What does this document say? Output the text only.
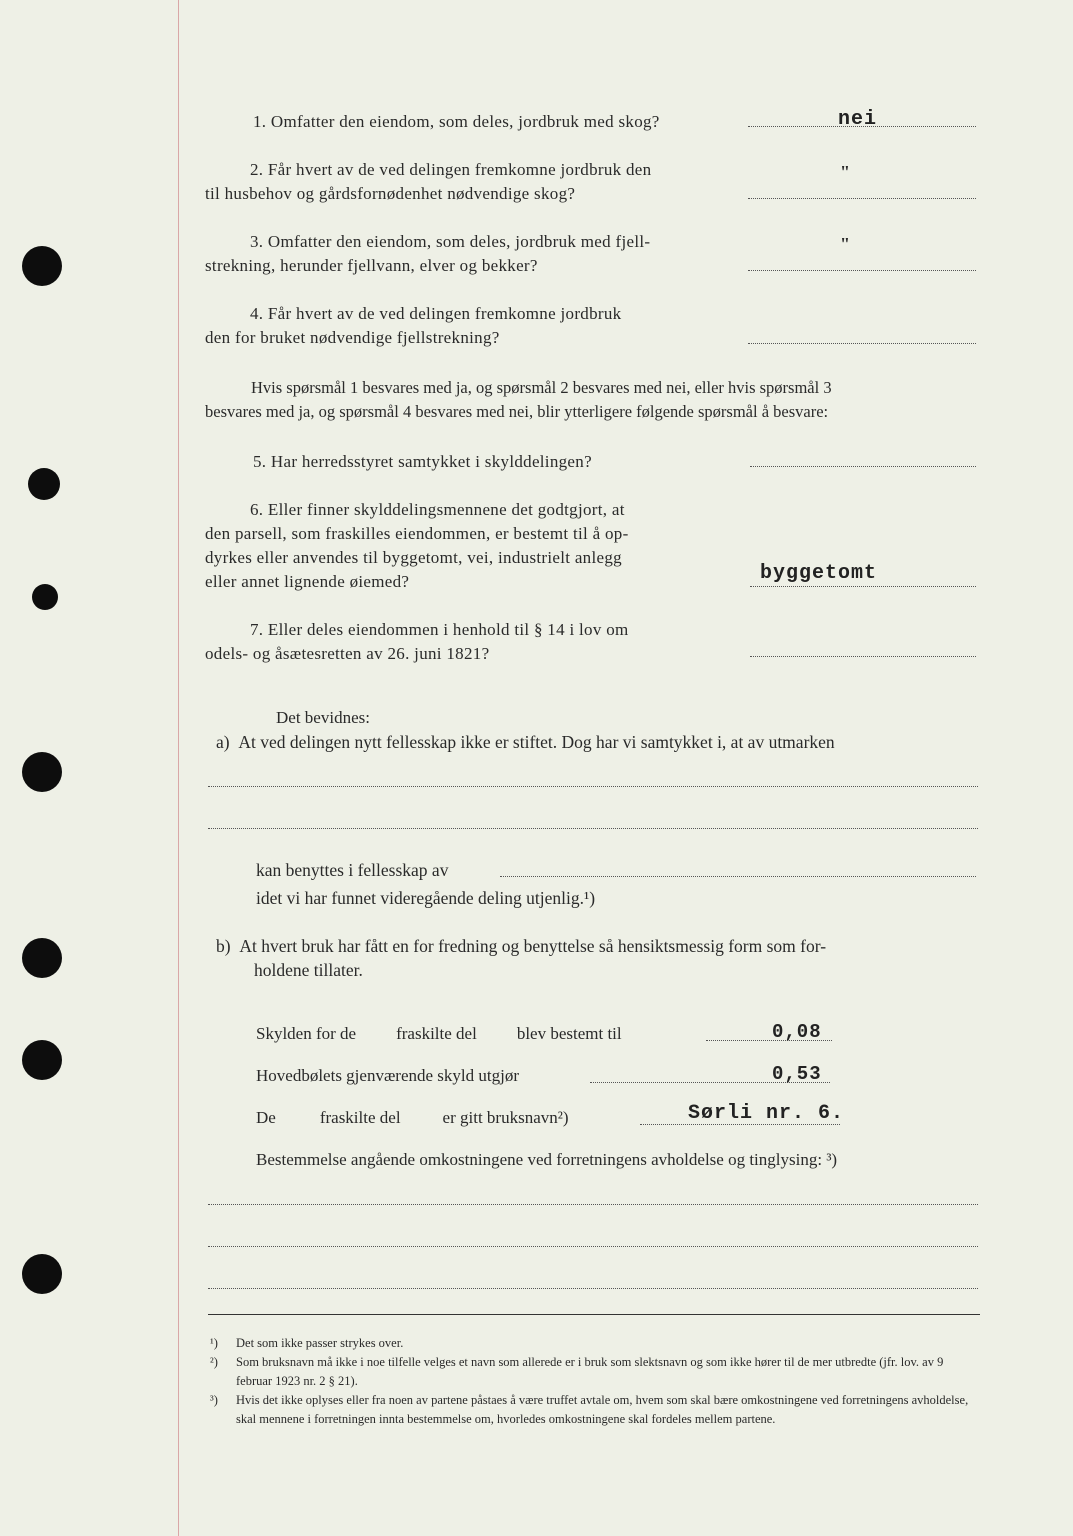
1. Omfatter den eiendom, som deles, jordbruk med skog?	nei
2. Får hvert av de ved delingen fremkomne jordbruk den
til husbehov og gårdsfornødenhet nødvendige skog?
"
3. Omfatter den eiendom, som deles, jordbruk med fjell-
strekning, herunder fjellvann, elver og bekker?
"
4. Får hvert av de ved delingen fremkomne jordbruk
den for bruket nødvendige fjellstrekning?
Hvis spørsmål 1 besvares med ja, og spørsmål 2 besvares med nei, eller hvis spørsmål 3
besvares med ja, og spørsmål 4 besvares med nei, blir ytterligere følgende spørsmål å besvare:
5. Har herredsstyret samtykket i skylddelingen?
6. Eller finner skylddelingsmennene det godtgjort, at
den parsell, som fraskilles eiendommen, er bestemt til å op-
dyrkes eller anvendes til byggetomt, vei, industrielt anlegg
eller annet lignende øiemed?	byggetomt
7. Eller deles eiendommen i henhold til § 14 i lov om
odels- og åsætesretten av 26. juni 1821?
Det bevidnes:
a) At ved delingen nytt fellesskap ikke er stiftet. Dog har vi samtykket i, at av utmarken
kan benyttes i fellesskap av
idet vi har funnet videregående deling utjenlig.¹)
b) At hvert bruk har fått en for fredning og benyttelse så hensiktsmessig form som for-
holdene tillater.
Skylden for de fraskilte del blev bestemt til	0,08
Hovedbølets gjenværende skyld utgjør	0,53
De	fraskilte del er gitt bruksnavn²)	Sørli nr. 6.
Bestemmelse angående omkostningene ved forretningens avholdelse og tinglysing: ³)
¹)	Det som ikke passer strykes over.
²)	Som bruksnavn må ikke i noe tilfelle velges et navn som allerede er i bruk som slektsnavn og som ikke hører til de mer utbredte (jfr. lov. av 9 februar 1923 nr. 2 § 21).
³)	Hvis det ikke oplyses eller fra noen av partene påstaes å være truffet avtale om, hvem som skal bære omkostningene ved forretningens avholdelse, skal mennene i forretningen innta bestemmelse om, hvorledes omkostningene skal fordeles mellem partene.
